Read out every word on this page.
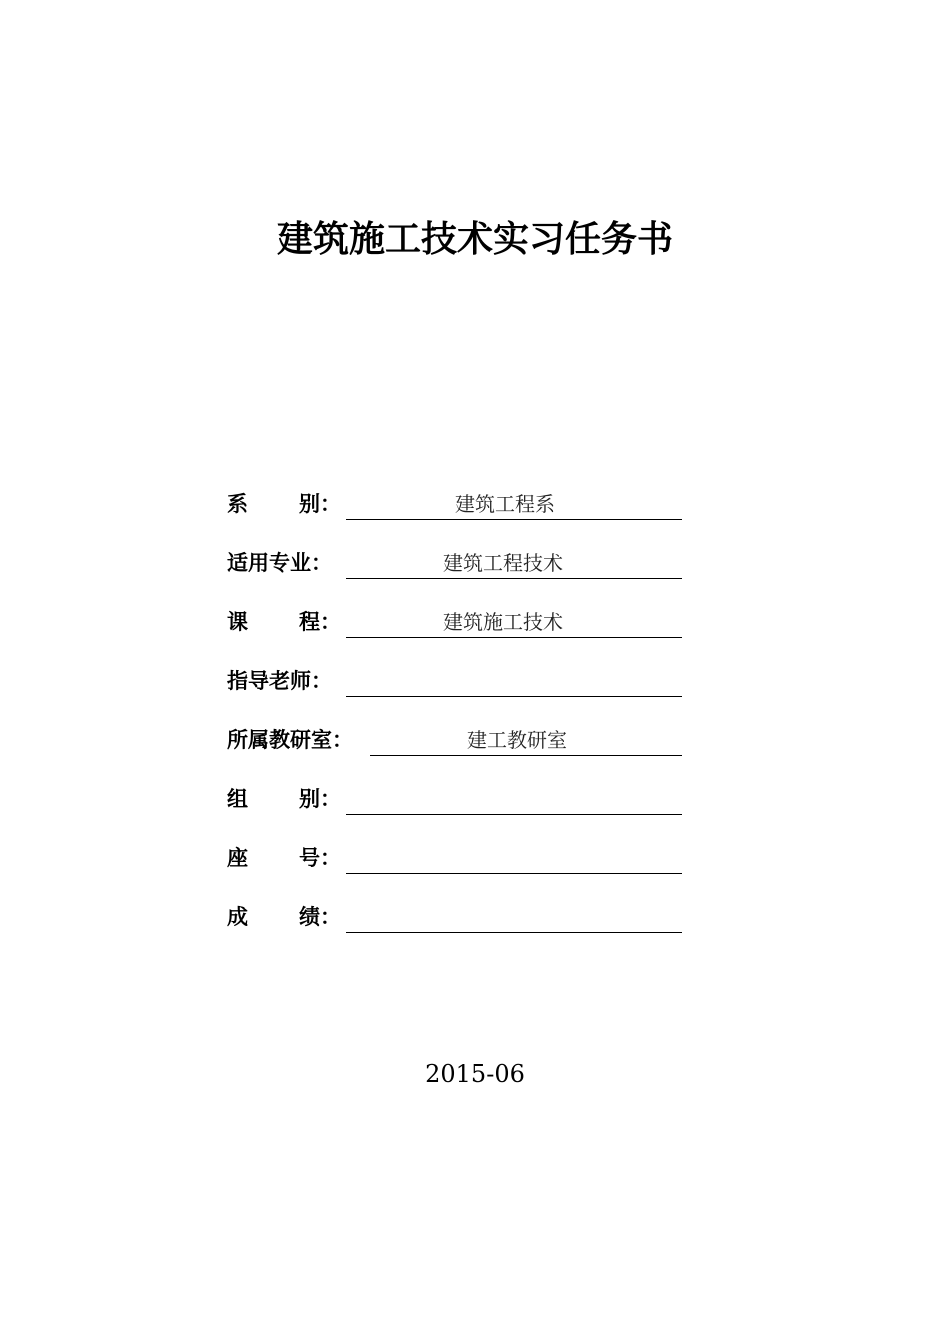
建筑施工技术实习任务书
系 别：	建筑工程系
适用专业：	建筑工程技术
课 程：	建筑施工技术
指导老师：
所属教研室：	建工教研室
组 别：
座 号：
成 绩：
2015-06
